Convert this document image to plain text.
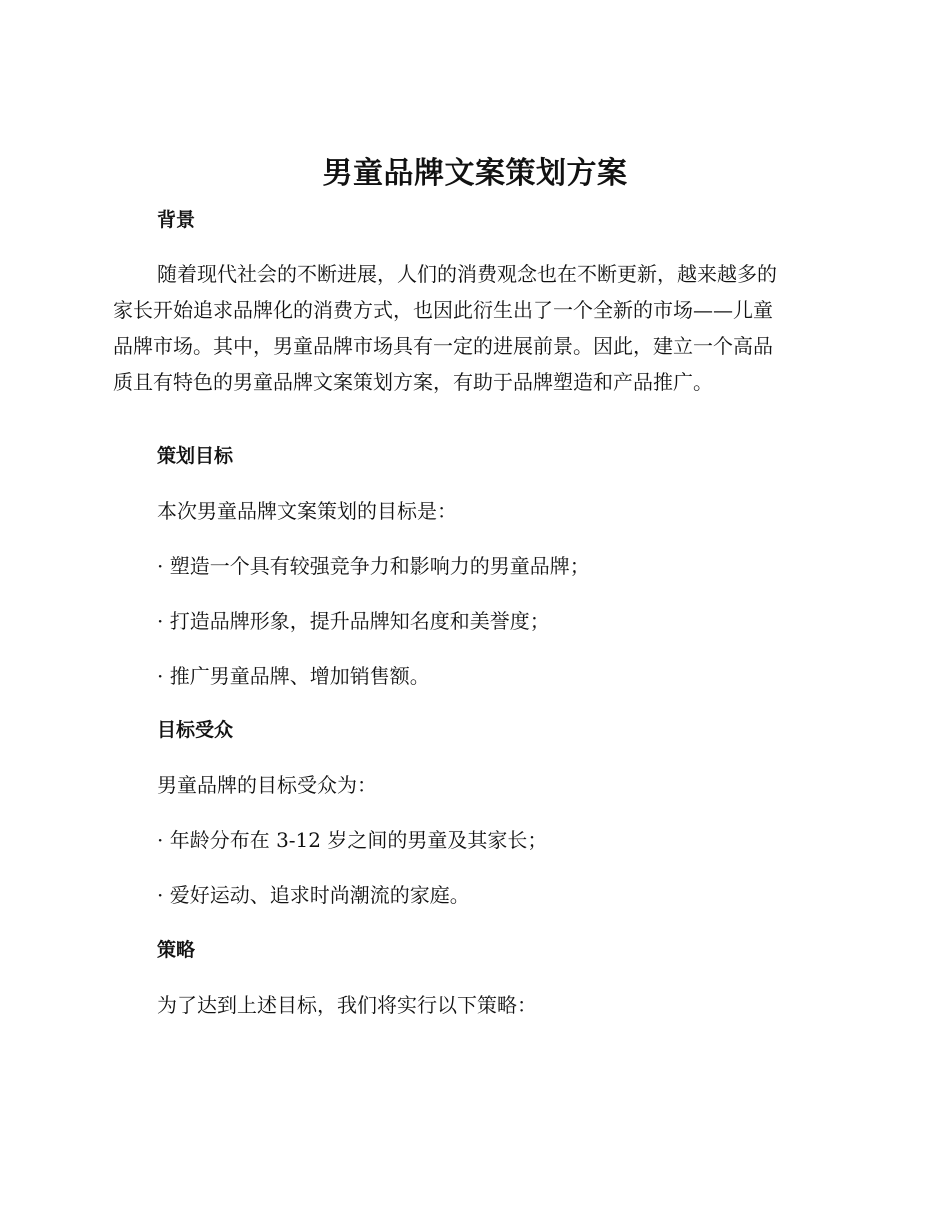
男童品牌文案策划方案
背景
随着现代社会的不断进展，人们的消费观念也在不断更新，越来越多的
家长开始追求品牌化的消费方式，也因此衍生出了一个全新的市场——儿童
品牌市场。其中，男童品牌市场具有一定的进展前景。因此，建立一个高品
质且有特色的男童品牌文案策划方案，有助于品牌塑造和产品推广。
策划目标
本次男童品牌文案策划的目标是：
· 塑造一个具有较强竞争力和影响力的男童品牌；
· 打造品牌形象，提升品牌知名度和美誉度；
· 推广男童品牌、增加销售额。
目标受众
男童品牌的目标受众为：
· 年龄分布在 3-12 岁之间的男童及其家长；
· 爱好运动、追求时尚潮流的家庭。
策略
为了达到上述目标，我们将实行以下策略：
